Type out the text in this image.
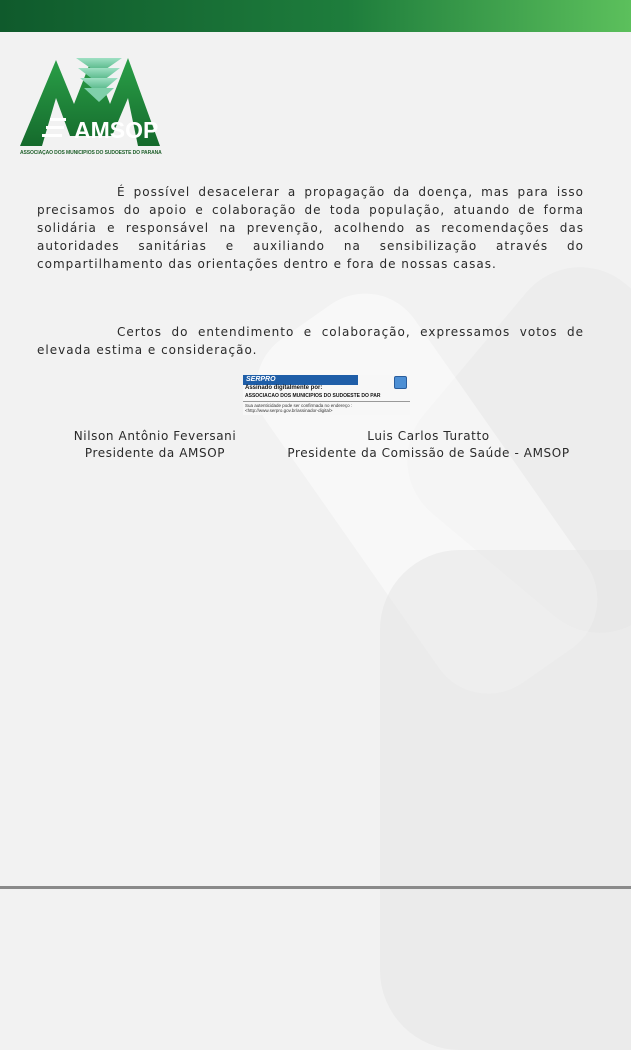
AMSOP
ASSOCIAÇÃO DOS MUNICÍPIOS DO SUDOESTE DO PARANÁ

É possível desacelerar a propagação da doença, mas para isso precisamos do apoio e colaboração de toda população, atuando de forma solidária e responsável na prevenção, acolhendo as recomendações das autoridades sanitárias e auxiliando na sensibilização através do compartilhamento das orientações dentro e fora de nossas casas.

Certos do entendimento e colaboração, expressamos votos de elevada estima e consideração.

SERPRO
Assinado digitalmente por:
ASSOCIACAO DOS MUNICIPIOS DO SUDOESTE DO PAR
Sua autenticidade pode ser confirmada no endereço :
<http://www.serpro.gov.br/assinador-digital>
Nilson Antônio Feversani
Presidente da AMSOP
Luis Carlos Turatto
Presidente da Comissão de Saúde - AMSOP
